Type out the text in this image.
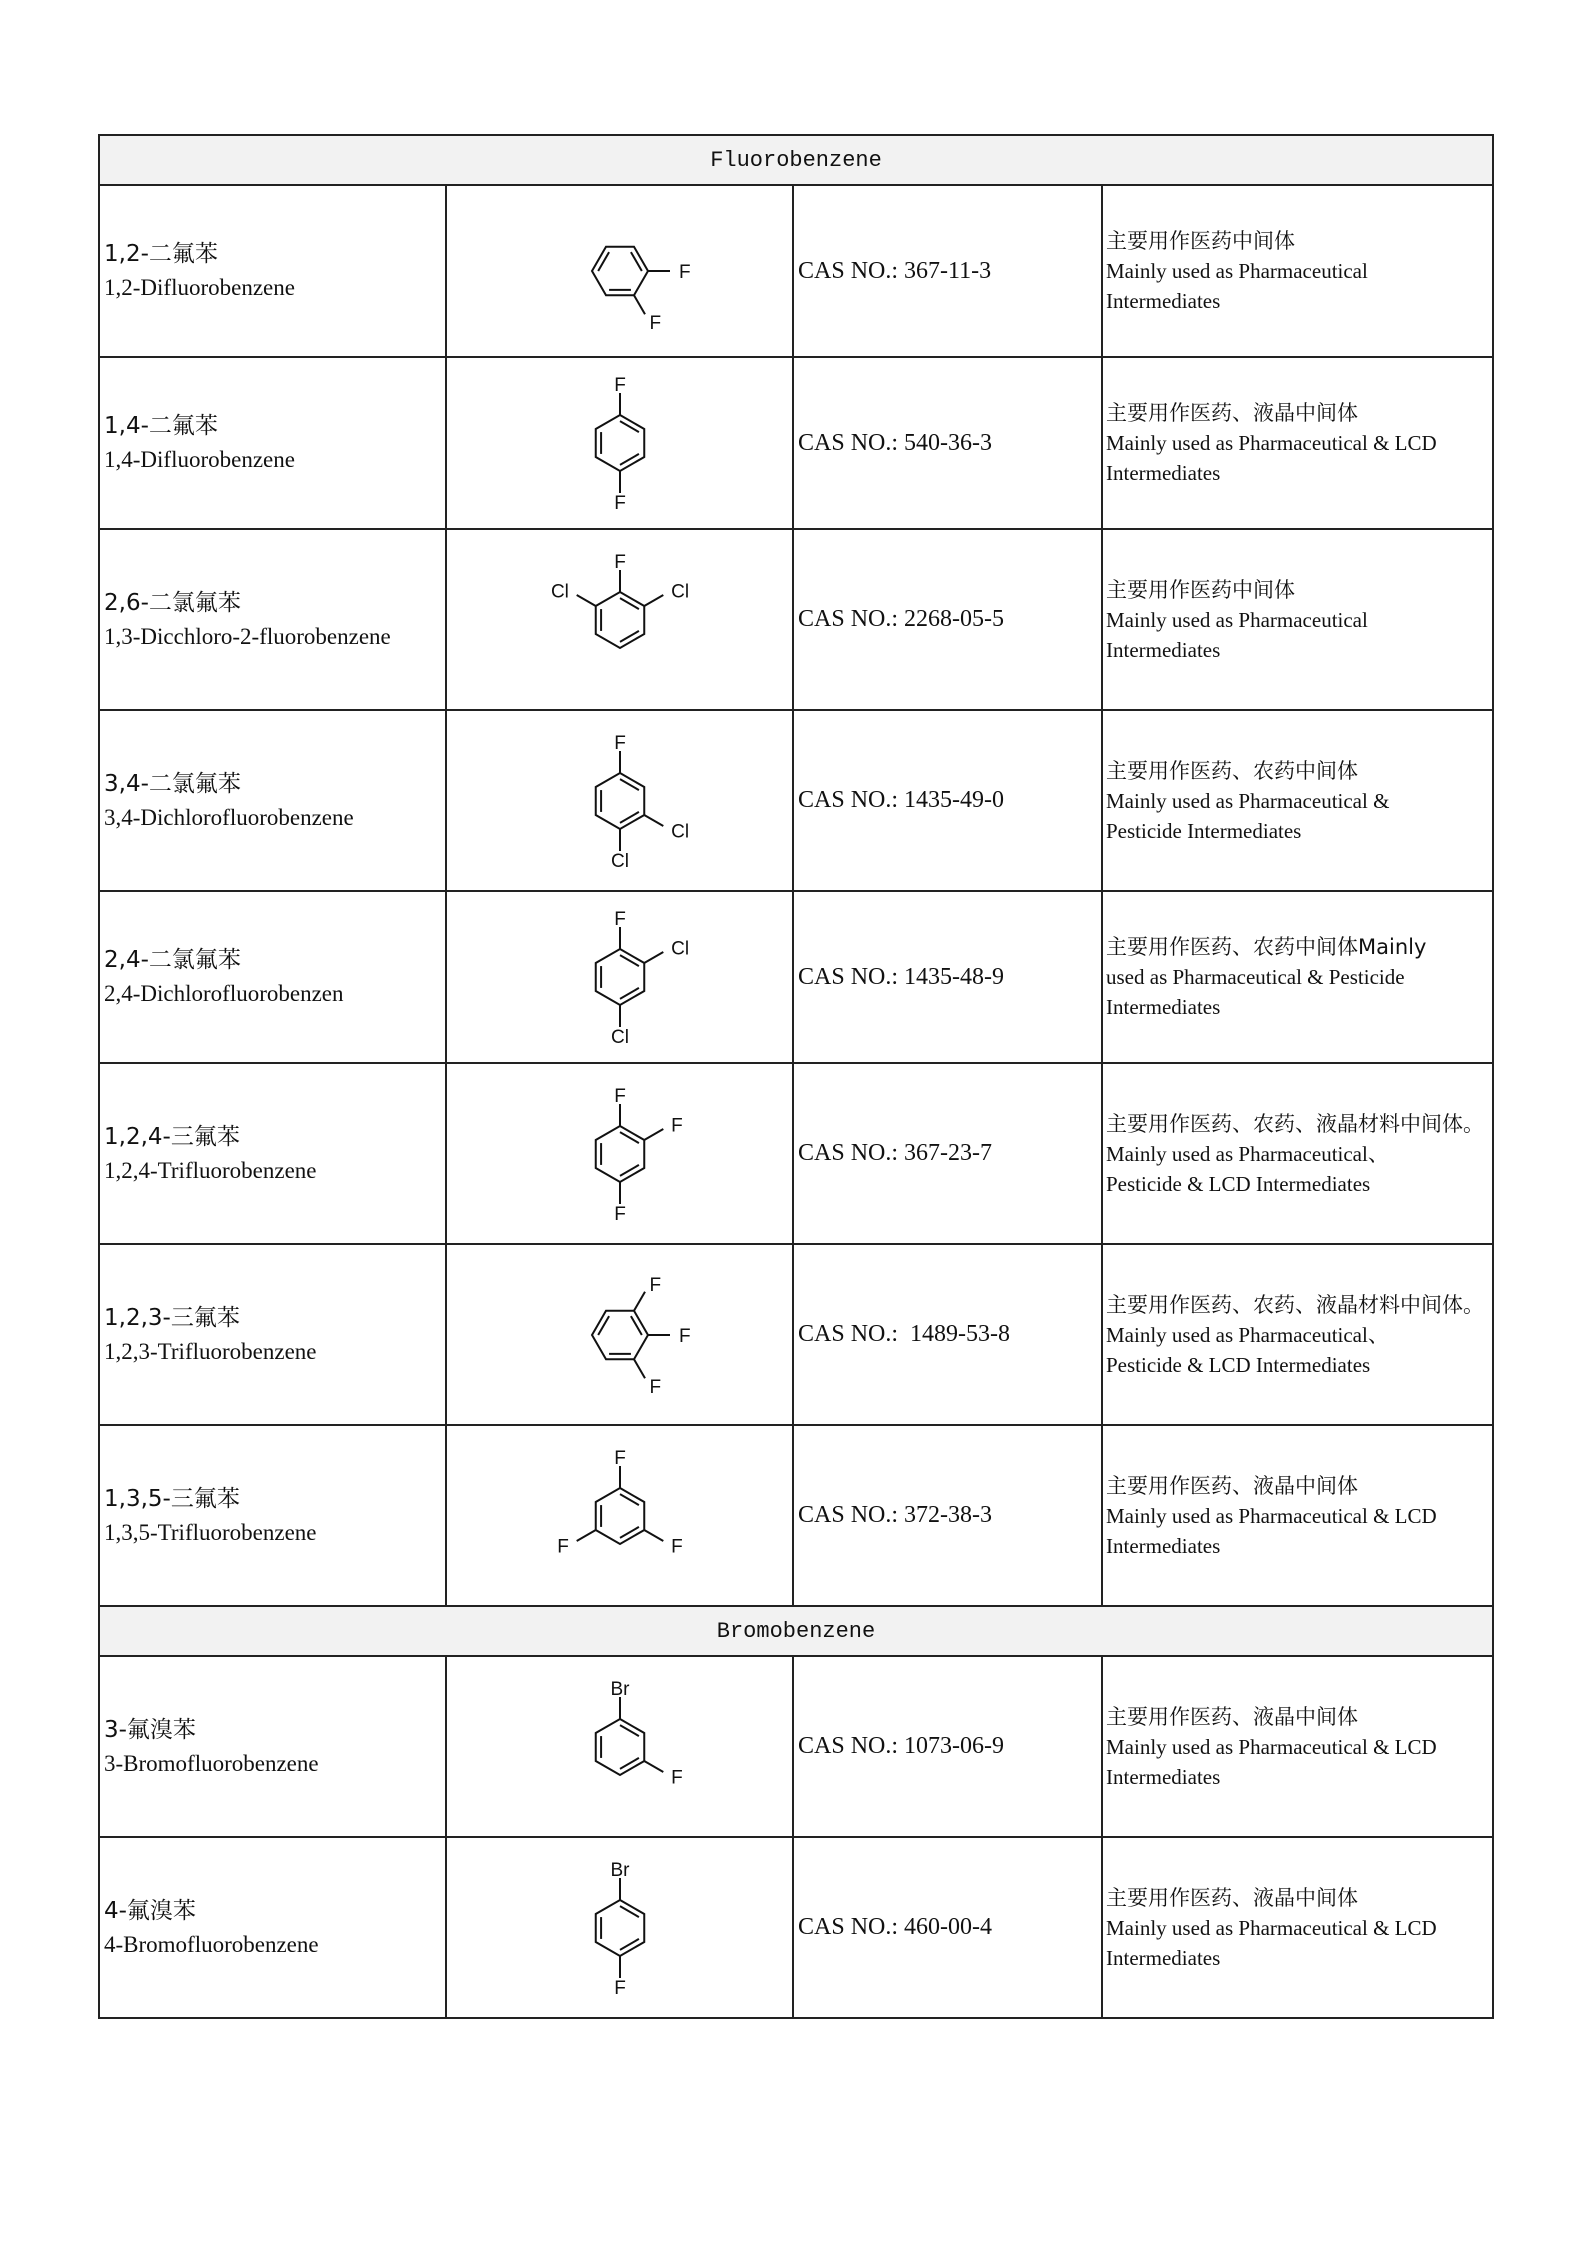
Fluorobenzene			

1,2-二氟苯
1,2-Difluorobenzene	F
F	CAS NO.: 367-11-3	主要用作医药中间体
Mainly used as Pharmaceutical
Intermediates

1,4-二氟苯
1,4-Difluorobenzene	F
F	CAS NO.: 540-36-3	主要用作医药、液晶中间体
Mainly used as Pharmaceutical & LCD
Intermediates

2,6-二氯氟苯
1,3-Dicchloro-2-fluorobenzene	F
Cl
Cl	CAS NO.: 2268-05-5	主要用作医药中间体
Mainly used as Pharmaceutical
Intermediates

3,4-二氯氟苯
3,4-Dichlorofluorobenzene	F
Cl
Cl	CAS NO.: 1435-49-0	主要用作医药、农药中间体
Mainly used as Pharmaceutical &
Pesticide Intermediates

2,4-二氯氟苯
2,4-Dichlorofluorobenzen	F
Cl
Cl	CAS NO.: 1435-48-9	主要用作医药、农药中间体Mainly
used as Pharmaceutical & Pesticide
Intermediates

1,2,4-三氟苯
1,2,4-Trifluorobenzene	F
F
F	CAS NO.: 367-23-7	主要用作医药、农药、液晶材料中间体。
Mainly used as Pharmaceutical、
Pesticide & LCD Intermediates

1,2,3-三氟苯
1,2,3-Trifluorobenzene	F
F
F	CAS NO.:  1489-53-8	主要用作医药、农药、液晶材料中间体。
Mainly used as Pharmaceutical、
Pesticide & LCD Intermediates

1,3,5-三氟苯
1,3,5-Trifluorobenzene	F
F
F	CAS NO.: 372-38-3	主要用作医药、液晶中间体
Mainly used as Pharmaceutical & LCD
Intermediates

Bromobenzene			

3-氟溴苯
3-Bromofluorobenzene	Br
F	CAS NO.: 1073-06-9	主要用作医药、液晶中间体
Mainly used as Pharmaceutical & LCD
Intermediates

4-氟溴苯
4-Bromofluorobenzene	Br
F	CAS NO.: 460-00-4	主要用作医药、液晶中间体
Mainly used as Pharmaceutical & LCD
Intermediates
